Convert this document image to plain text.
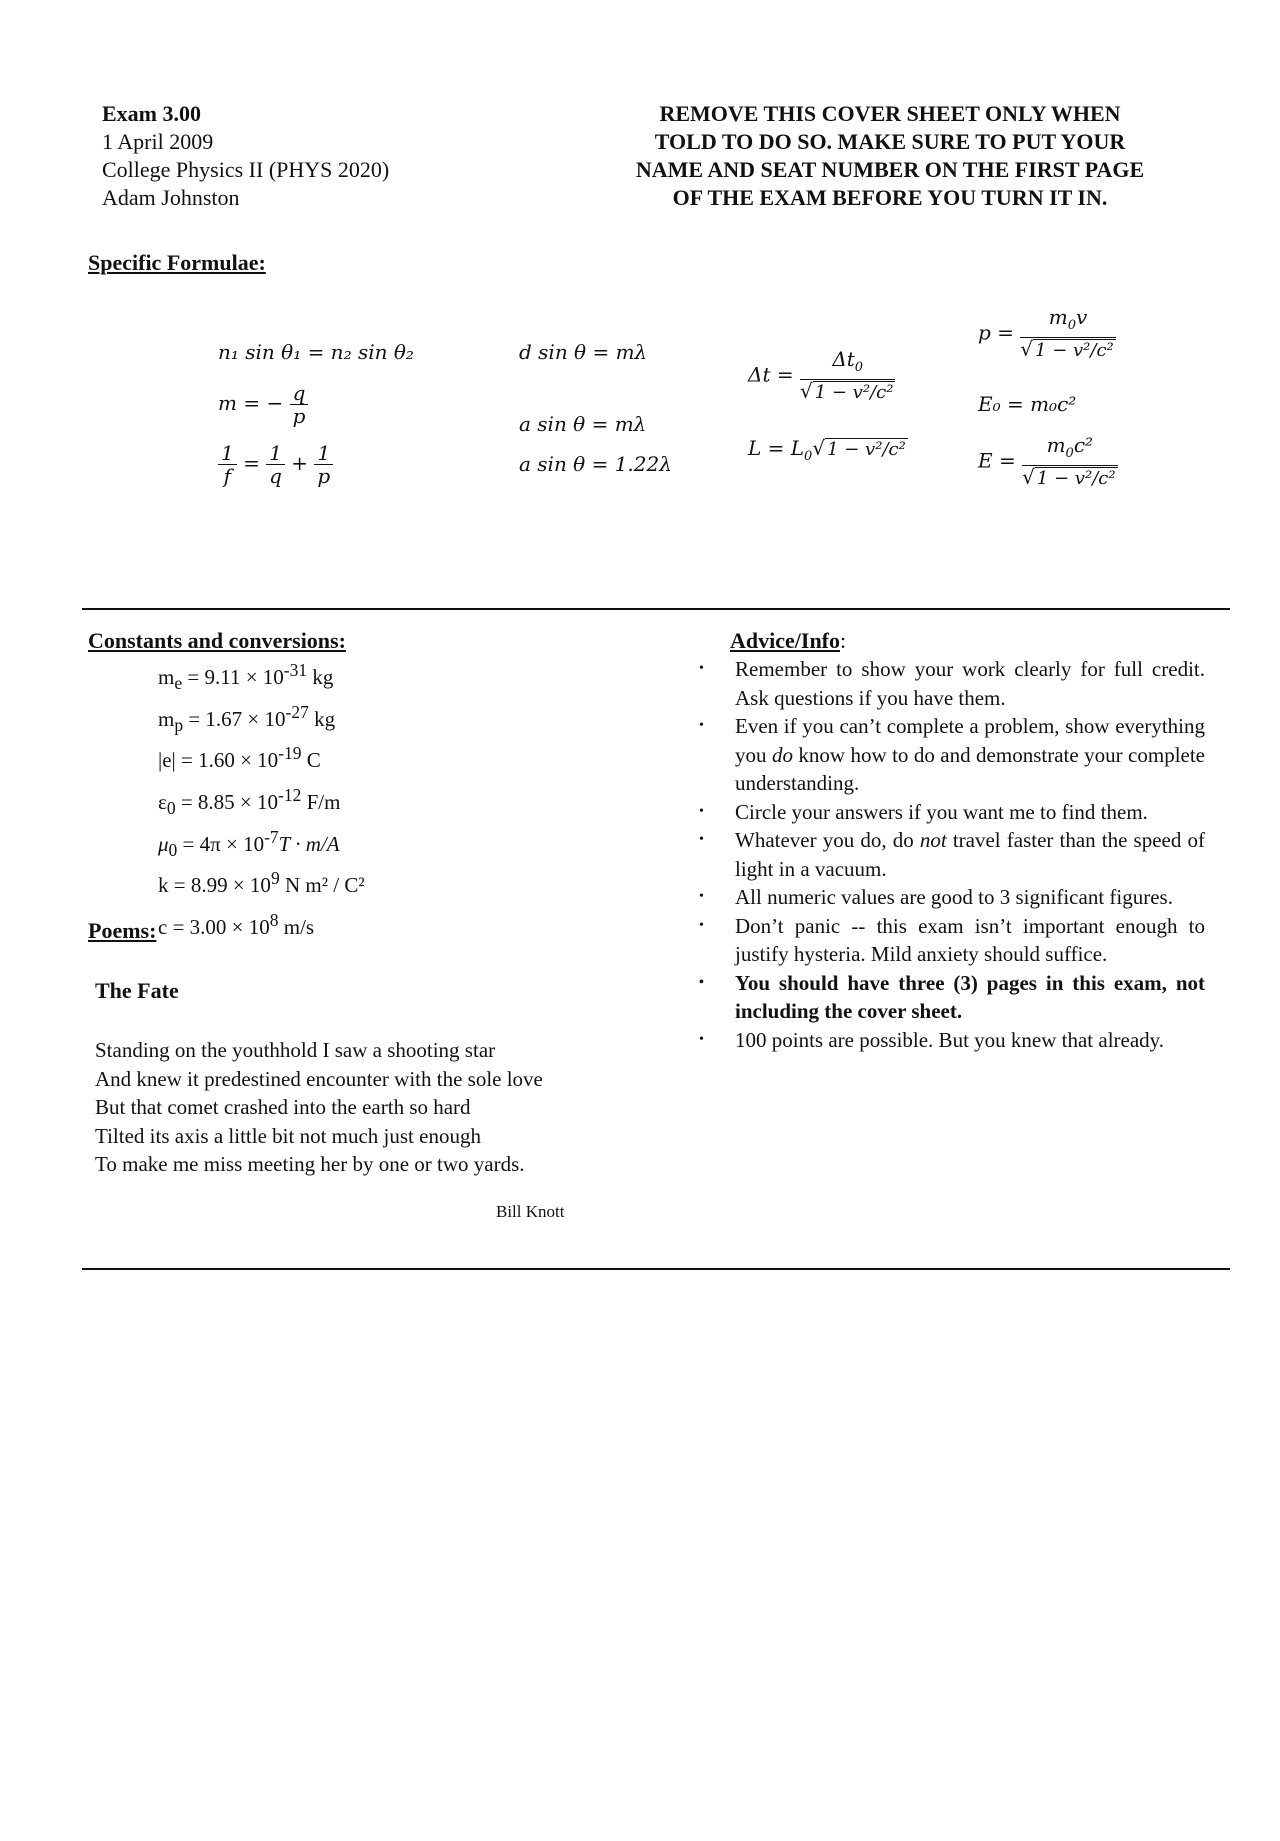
Exam 3.00
1 April 2009
College Physics II (PHYS 2020)
Adam Johnston
REMOVE THIS COVER SHEET ONLY WHEN
TOLD TO DO SO. MAKE SURE TO PUT YOUR
NAME AND SEAT NUMBER ON THE FIRST PAGE
OF THE EXAM BEFORE YOU TURN IT IN.
Specific Formulae:
n₁ sin θ₁ = n₂ sin θ₂
m = − $\frac{q}{p}$
$\frac{1}{f} = \frac{1}{q} + \frac{1}{p}$
d sin θ = mλ
a sin θ = mλ
a sin θ = 1.22λ
$\Delta t = \frac{\Delta t_0}{\text{√ 1 − v²/c²}}$
$L = L_0√$ 1 − v²/c²
$p = \frac{m_0v}{\text{√ 1 − v²/c²}}$
E₀ = m₀c²
$E = \frac{m_0c^2}{\text{√ 1 − v²/c²}}$
Constants and conversions:
$m_e = 9.11 \times 10^{-31}$ kg
$m_p = 1.67 \times 10^{-27}$ kg
$|e| = 1.60 \times 10^{-19}$ C
$\varepsilon_0 = 8.85 \times 10^{-12}$ F/m
$\mu_0 = 4\pi \times 10^{-7}T \cdot m/A$
$k = 8.99 \times 10^9$ N m² / C²
$c = 3.00 \times 10^8$ m/s
Poems:
The Fate
Standing on the youthhold I saw a shooting star
And knew it predestined encounter with the sole love
But that comet crashed into the earth so hard
Tilted its axis a little bit not much just enough
To make me miss meeting her by one or two yards.
Bill Knott
Advice/Info:
• Remember to show your work clearly for full credit. Ask questions if you have them.
• Even if you can’t complete a problem, show everything you do know how to do and demonstrate your complete understanding.
• Circle your answers if you want me to find them.
• Whatever you do, do not travel faster than the speed of light in a vacuum.
• All numeric values are good to 3 significant figures.
• Don’t panic -- this exam isn’t important enough to justify hysteria. Mild anxiety should suffice.
• You should have three (3) pages in this exam, not including the cover sheet.
• 100 points are possible. But you knew that already.
